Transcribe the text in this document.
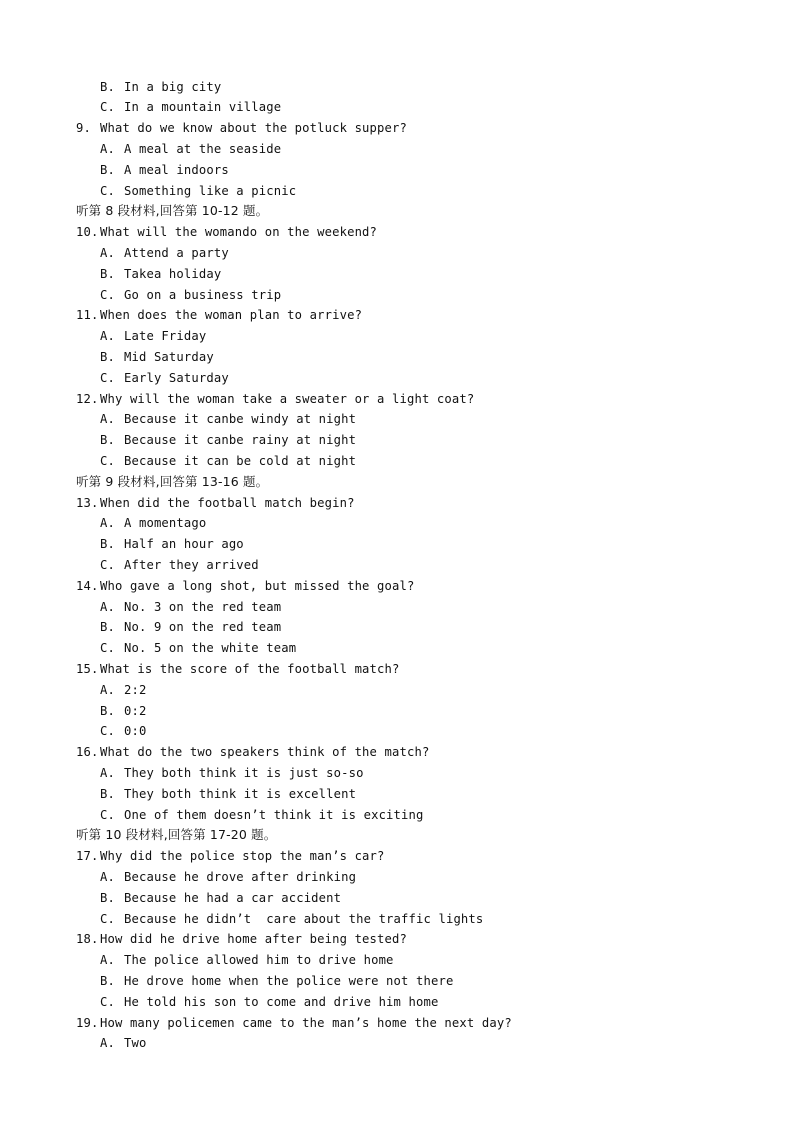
B. In a big city
C. In a mountain village
9. What do we know about the potluck supper?
A. A meal at the seaside
B. A meal indoors
C. Something like a picnic
听第 8 段材料,回答第 10-12 题。
10. What will the womando on the weekend?
A. Attend a party
B. Takea holiday
C. Go on a business trip
11. When does the woman plan to arrive?
A. Late Friday
B. Mid Saturday
C. Early Saturday
12. Why will the woman take a sweater or a light coat?
A. Because it canbe windy at night
B. Because it canbe rainy at night
C. Because it can be cold at night
听第 9 段材料,回答第 13-16 题。
13. When did the football match begin?
A. A momentago
B. Half an hour ago
C. After they arrived
14. Who gave a long shot, but missed the goal?
A. No. 3 on the red team
B. No. 9 on the red team
C. No. 5 on the white team
15. What is the score of the football match?
A. 2:2
B. 0:2
C. 0:0
16. What do the two speakers think of the match?
A. They both think it is just so-so
B. They both think it is excellent
C. One of them doesn’t think it is exciting
听第 10 段材料,回答第 17-20 题。
17. Why did the police stop the man’s car?
A. Because he drove after drinking
B. Because he had a car accident
C. Because he didn’t  care about the traffic lights
18. How did he drive home after being tested?
A. The police allowed him to drive home
B. He drove home when the police were not there
C. He told his son to come and drive him home
19. How many policemen came to the man’s home the next day?
A. Two
